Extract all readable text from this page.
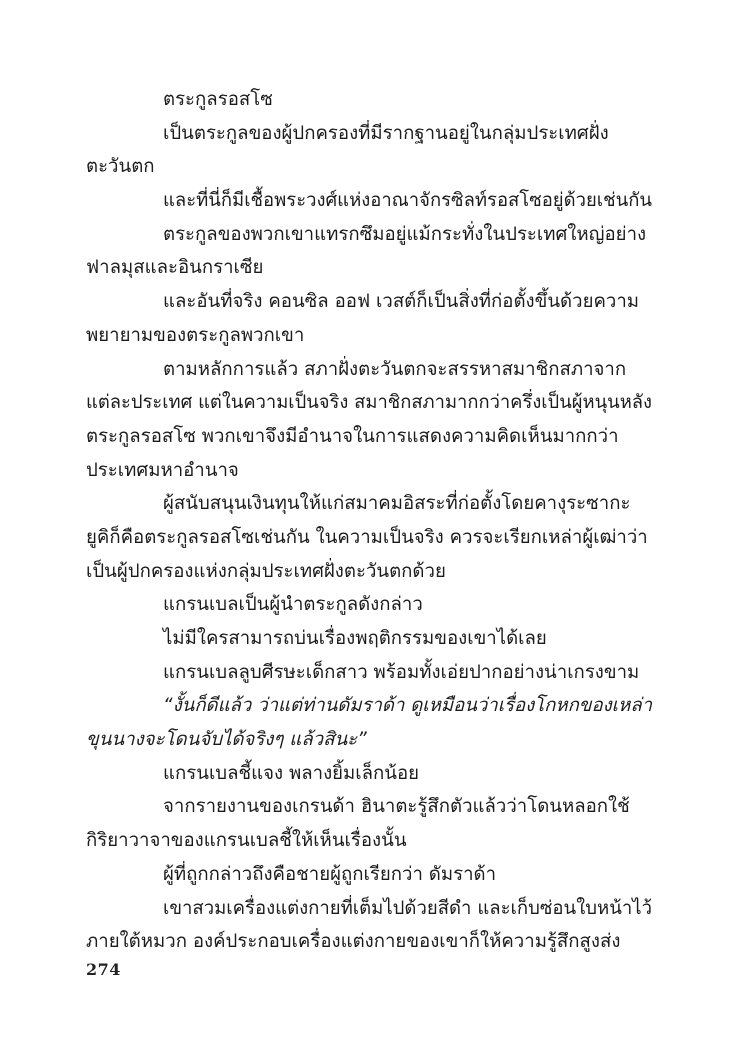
ตระกูลรอสโซ
เป็นตระกูลของผู้ปกครองที่มีรากฐานอยู่ในกลุ่มประเทศฝั่ง
ตะวันตก
และที่นี่ก็มีเชื้อพระวงศ์แห่งอาณาจักรซิลท์รอสโซอยู่ด้วยเช่นกัน
ตระกูลของพวกเขาแทรกซึมอยู่แม้กระทั่งในประเทศใหญ่อย่าง
ฟาลมุสและอินกราเซีย
และอันที่จริง คอนซิล ออฟ เวสต์ก็เป็นสิ่งที่ก่อตั้งขึ้นด้วยความ
พยายามของตระกูลพวกเขา
ตามหลักการแล้ว สภาฝั่งตะวันตกจะสรรหาสมาชิกสภาจาก
แต่ละประเทศ แต่ในความเป็นจริง สมาชิกสภามากกว่าครึ่งเป็นผู้หนุนหลัง
ตระกูลรอสโซ พวกเขาจึงมีอำนาจในการแสดงความคิดเห็นมากกว่า
ประเทศมหาอำนาจ
ผู้สนับสนุนเงินทุนให้แก่สมาคมอิสระที่ก่อตั้งโดยคางุระซากะ
ยูคิก็คือตระกูลรอสโซเช่นกัน ในความเป็นจริง ควรจะเรียกเหล่าผู้เฒ่าว่า
เป็นผู้ปกครองแห่งกลุ่มประเทศฝั่งตะวันตกด้วย
แกรนเบลเป็นผู้นำตระกูลดังกล่าว
ไม่มีใครสามารถบ่นเรื่องพฤติกรรมของเขาได้เลย
แกรนเบลลูบศีรษะเด็กสาว พร้อมทั้งเอ่ยปากอย่างน่าเกรงขาม
“งั้นก็ดีแล้ว ว่าแต่ท่านดัมราด้า ดูเหมือนว่าเรื่องโกหกของเหล่า
ขุนนางจะโดนจับได้จริงๆ แล้วสินะ”
แกรนเบลชี้แจง พลางยิ้มเล็กน้อย
จากรายงานของเกรนด้า ฮินาตะรู้สึกตัวแล้วว่าโดนหลอกใช้
กิริยาวาจาของแกรนเบลชี้ให้เห็นเรื่องนั้น
ผู้ที่ถูกกล่าวถึงคือชายผู้ถูกเรียกว่า ดัมราด้า
เขาสวมเครื่องแต่งกายที่เต็มไปด้วยสีดำ และเก็บซ่อนใบหน้าไว้
ภายใต้หมวก องค์ประกอบเครื่องแต่งกายของเขาก็ให้ความรู้สึกสูงส่ง
274
